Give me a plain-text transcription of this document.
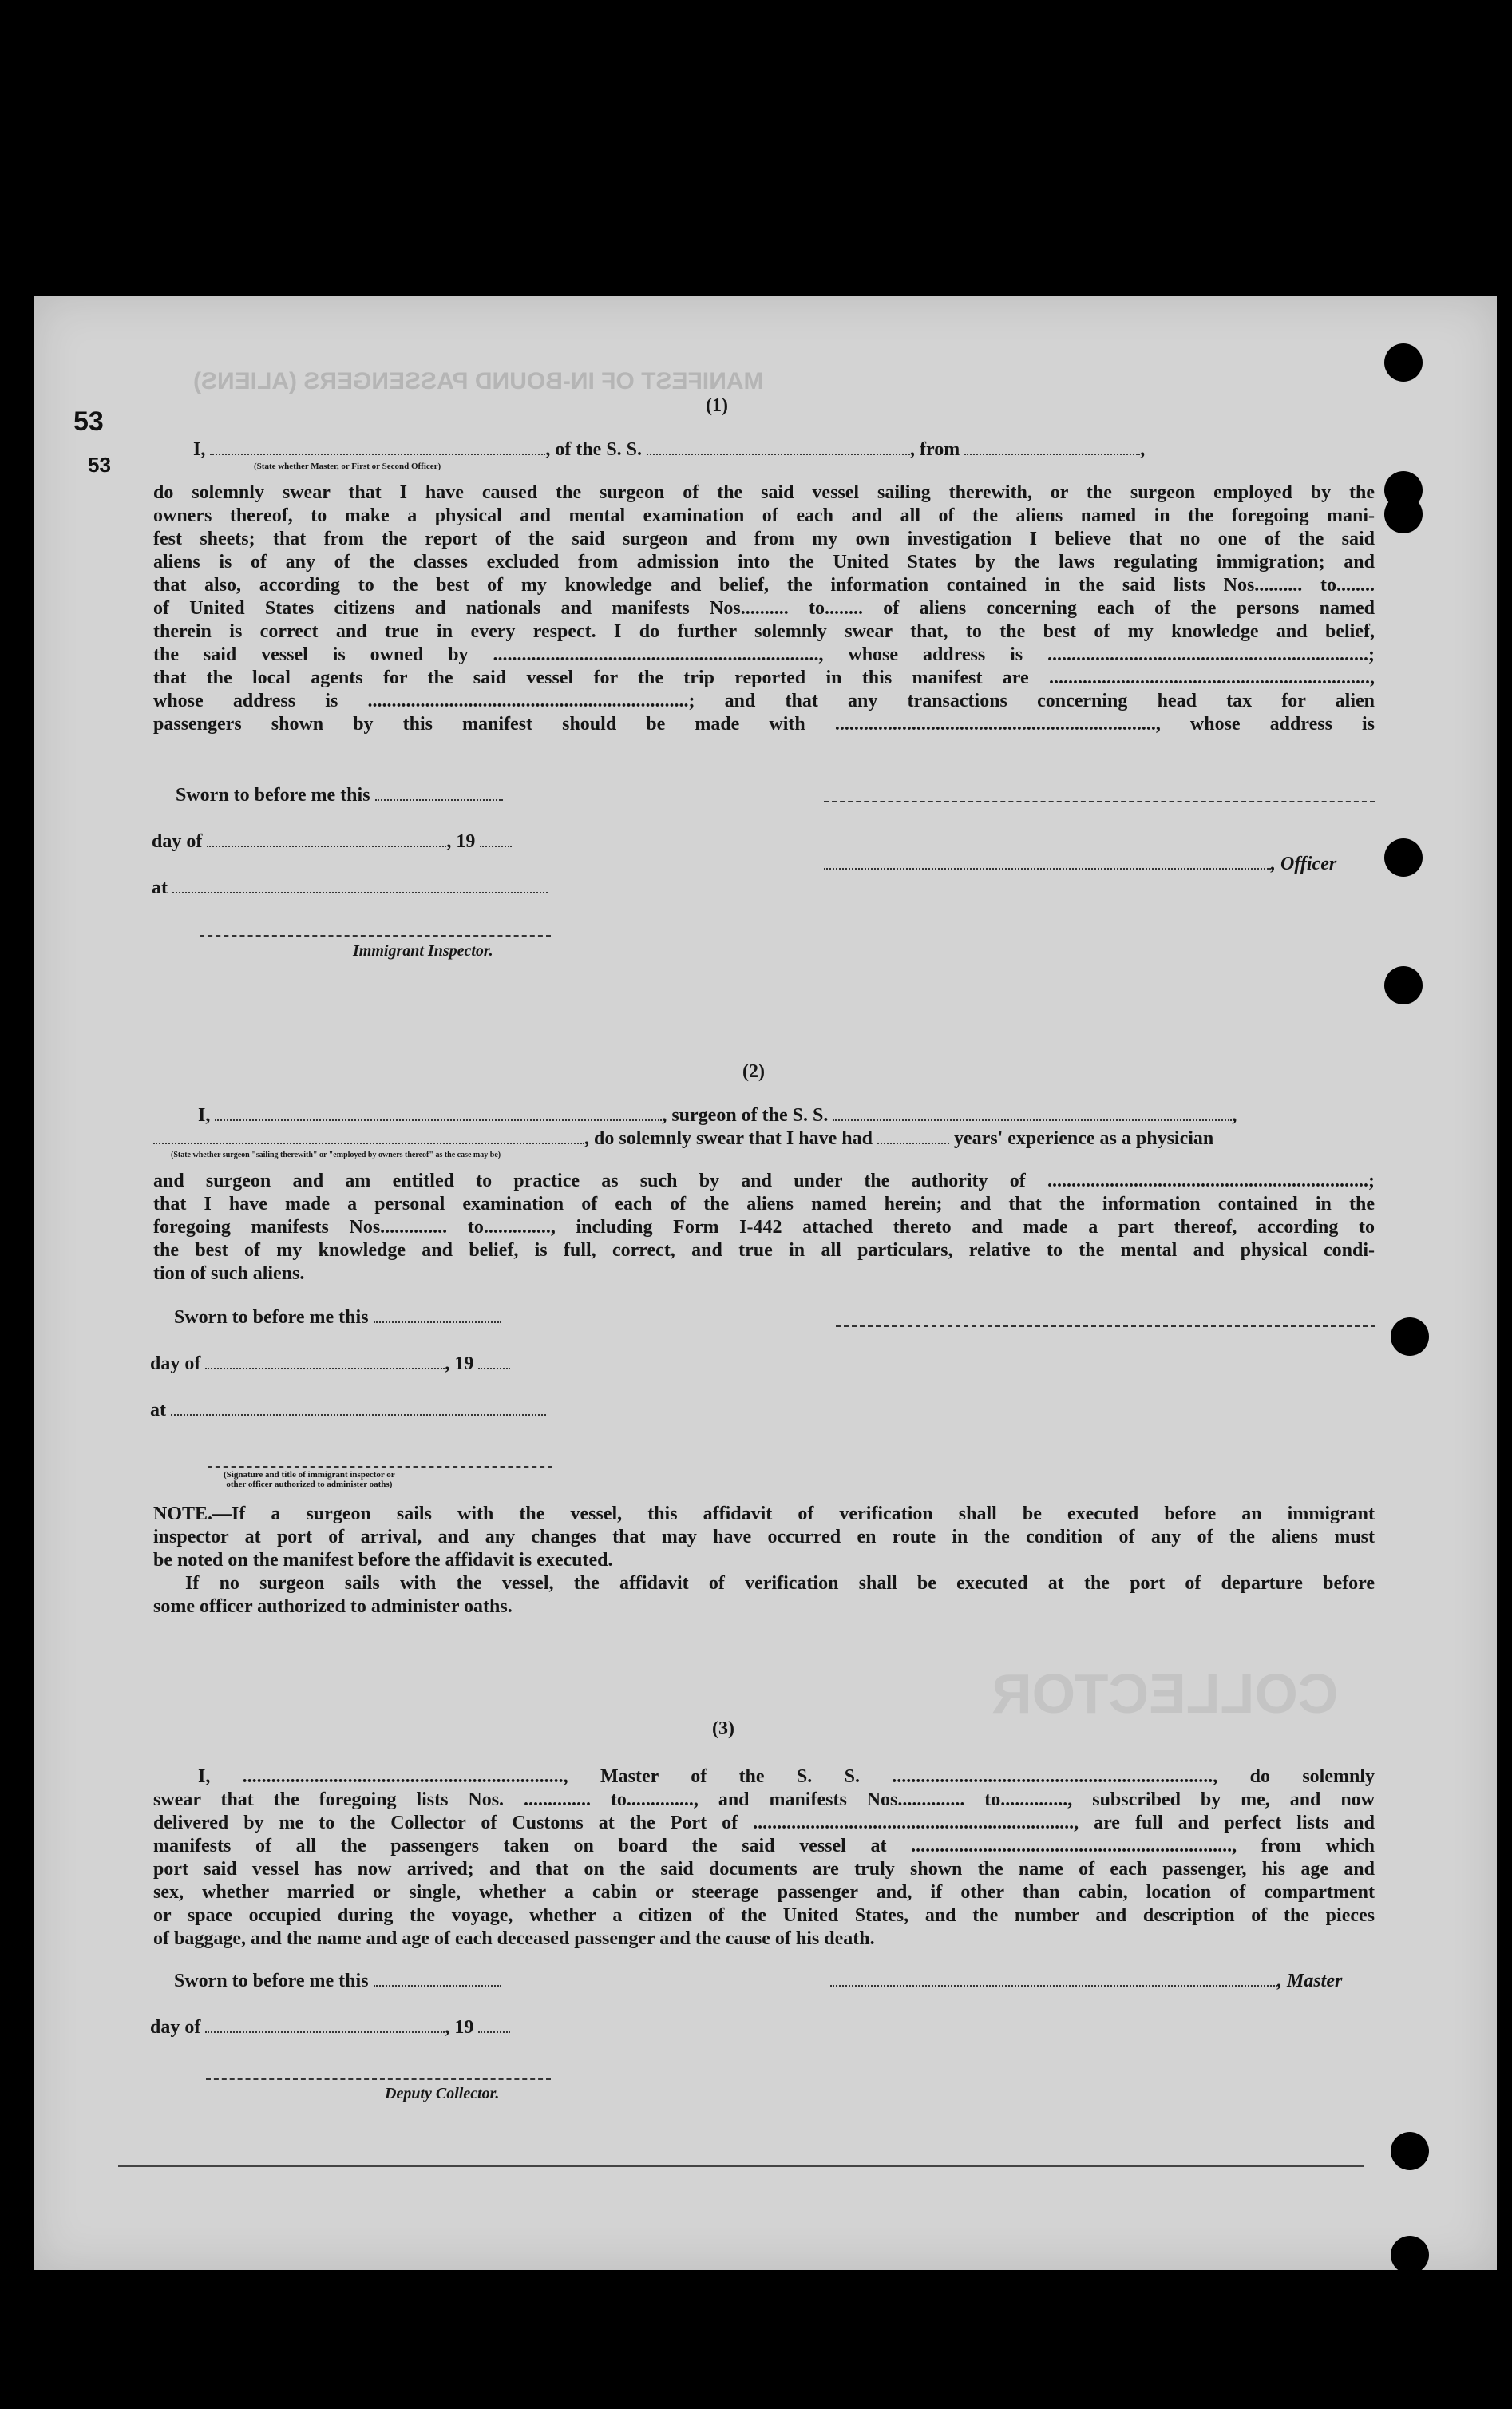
MANIFEST OF IN-BOUND PASSENGERS (ALIENS)
COLLECTOR
53
53
(1)
I,	, of the S. S.	, from	,
(State whether Master, or First or Second Officer)
do solemnly swear that I have caused the surgeon of the said vessel sailing therewith, or the surgeon employed by the
owners thereof, to make a physical and mental examination of each and all of the aliens named in the foregoing mani-
fest sheets; that from the report of the said surgeon and from my own investigation I believe that no one of the said
aliens is of any of the classes excluded from admission into the United States by the laws regulating immigration; and
that also, according to the best of my knowledge and belief, the information contained in the said lists Nos.......... to........
of United States citizens and nationals and manifests Nos.......... to........ of aliens concerning each of the persons named
therein is correct and true in every respect. I do further solemnly swear that, to the best of my knowledge and belief,
the said vessel is owned by ...................................................................., whose address is ...................................................................;
that the local agents for the said vessel for the trip reported in this manifest are ...................................................................,
whose address is ...................................................................; and that any transactions concerning head tax for alien
passengers shown by this manifest should be made with ..................................................................., whose address is
Sworn to before me this
day of	, 19
, Officer
at
Immigrant Inspector.
(2)
I,	, surgeon of the S. S.	,
, do solemnly swear that I have had	years' experience as a physician
(State whether surgeon "sailing therewith" or "employed by owners thereof" as the case may be)
and surgeon and am entitled to practice as such by and under the authority of ...................................................................;
that I have made a personal examination of each of the aliens named herein; and that the information contained in the
foregoing manifests Nos.............. to.............., including Form I-442 attached thereto and made a part thereof, according to
the best of my knowledge and belief, is full, correct, and true in all particulars, relative to the mental and physical condi-
tion of such aliens.
Sworn to before me this
day of	, 19
at
(Signature and title of immigrant inspector or
other officer authorized to administer oaths)
NOTE.—If a surgeon sails with the vessel, this affidavit of verification shall be executed before an immigrant
inspector at port of arrival, and any changes that may have occurred en route in the condition of any of the aliens must
be noted on the manifest before the affidavit is executed.
If no surgeon sails with the vessel, the affidavit of verification shall be executed at the port of departure before
some officer authorized to administer oaths.
(3)
I, ..................................................................., Master of the S. S. ..................................................................., do solemnly
swear that the foregoing lists Nos. .............. to.............., and manifests Nos.............. to.............., subscribed by me, and now
delivered by me to the Collector of Customs at the Port of ..................................................................., are full and perfect lists and
manifests of all the passengers taken on board the said vessel at ..................................................................., from which
port said vessel has now arrived; and that on the said documents are truly shown the name of each passenger, his age and
sex, whether married or single, whether a cabin or steerage passenger and, if other than cabin, location of compartment
or space occupied during the voyage, whether a citizen of the United States, and the number and description of the pieces
of baggage, and the name and age of each deceased passenger and the cause of his death.
Sworn to before me this	, Master
day of	, 19
Deputy Collector.
